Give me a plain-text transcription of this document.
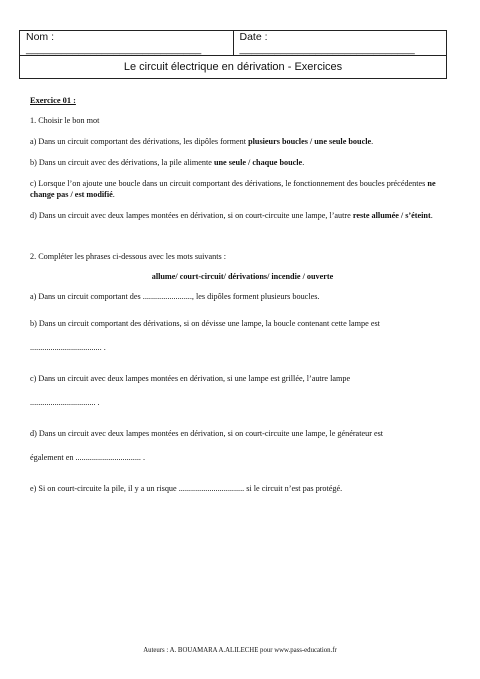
Nom : ______________________________	Date : ______________________________
Le circuit électrique en dérivation - Exercices

Exercice 01 :

1. Choisir le bon mot

a) Dans un circuit comportant des dérivations, les dipôles forment plusieurs boucles / une seule boucle.

b) Dans un circuit avec des dérivations, la pile alimente une seule / chaque boucle.

c) Lorsque l’on ajoute une boucle dans un circuit comportant des dérivations, le fonctionnement des boucles précédentes ne change pas / est modifié.

d) Dans un circuit avec deux lampes montées en dérivation, si on court-circuite une lampe, l’autre reste allumée / s’éteint.

2. Compléter les phrases ci-dessous avec les mots suivants :

allume/ court-circuit/ dérivations/ incendie / ouverte

a) Dans un circuit comportant des ........................, les dipôles forment plusieurs boucles.

b) Dans un circuit comportant des dérivations, si on dévisse une lampe, la boucle contenant cette lampe est

................................... .

c) Dans un circuit avec deux lampes montées en dérivation, si une lampe est grillée, l’autre lampe

................................ .

d) Dans un circuit avec deux lampes montées en dérivation, si on court-circuite une lampe, le générateur est

également en ................................ .

e) Si on court-circuite la pile, il y a un risque ................................ si le circuit n’est pas protégé.

Auteurs : A. BOUAMARA A.ALILECHE pour www.pass-education.fr
